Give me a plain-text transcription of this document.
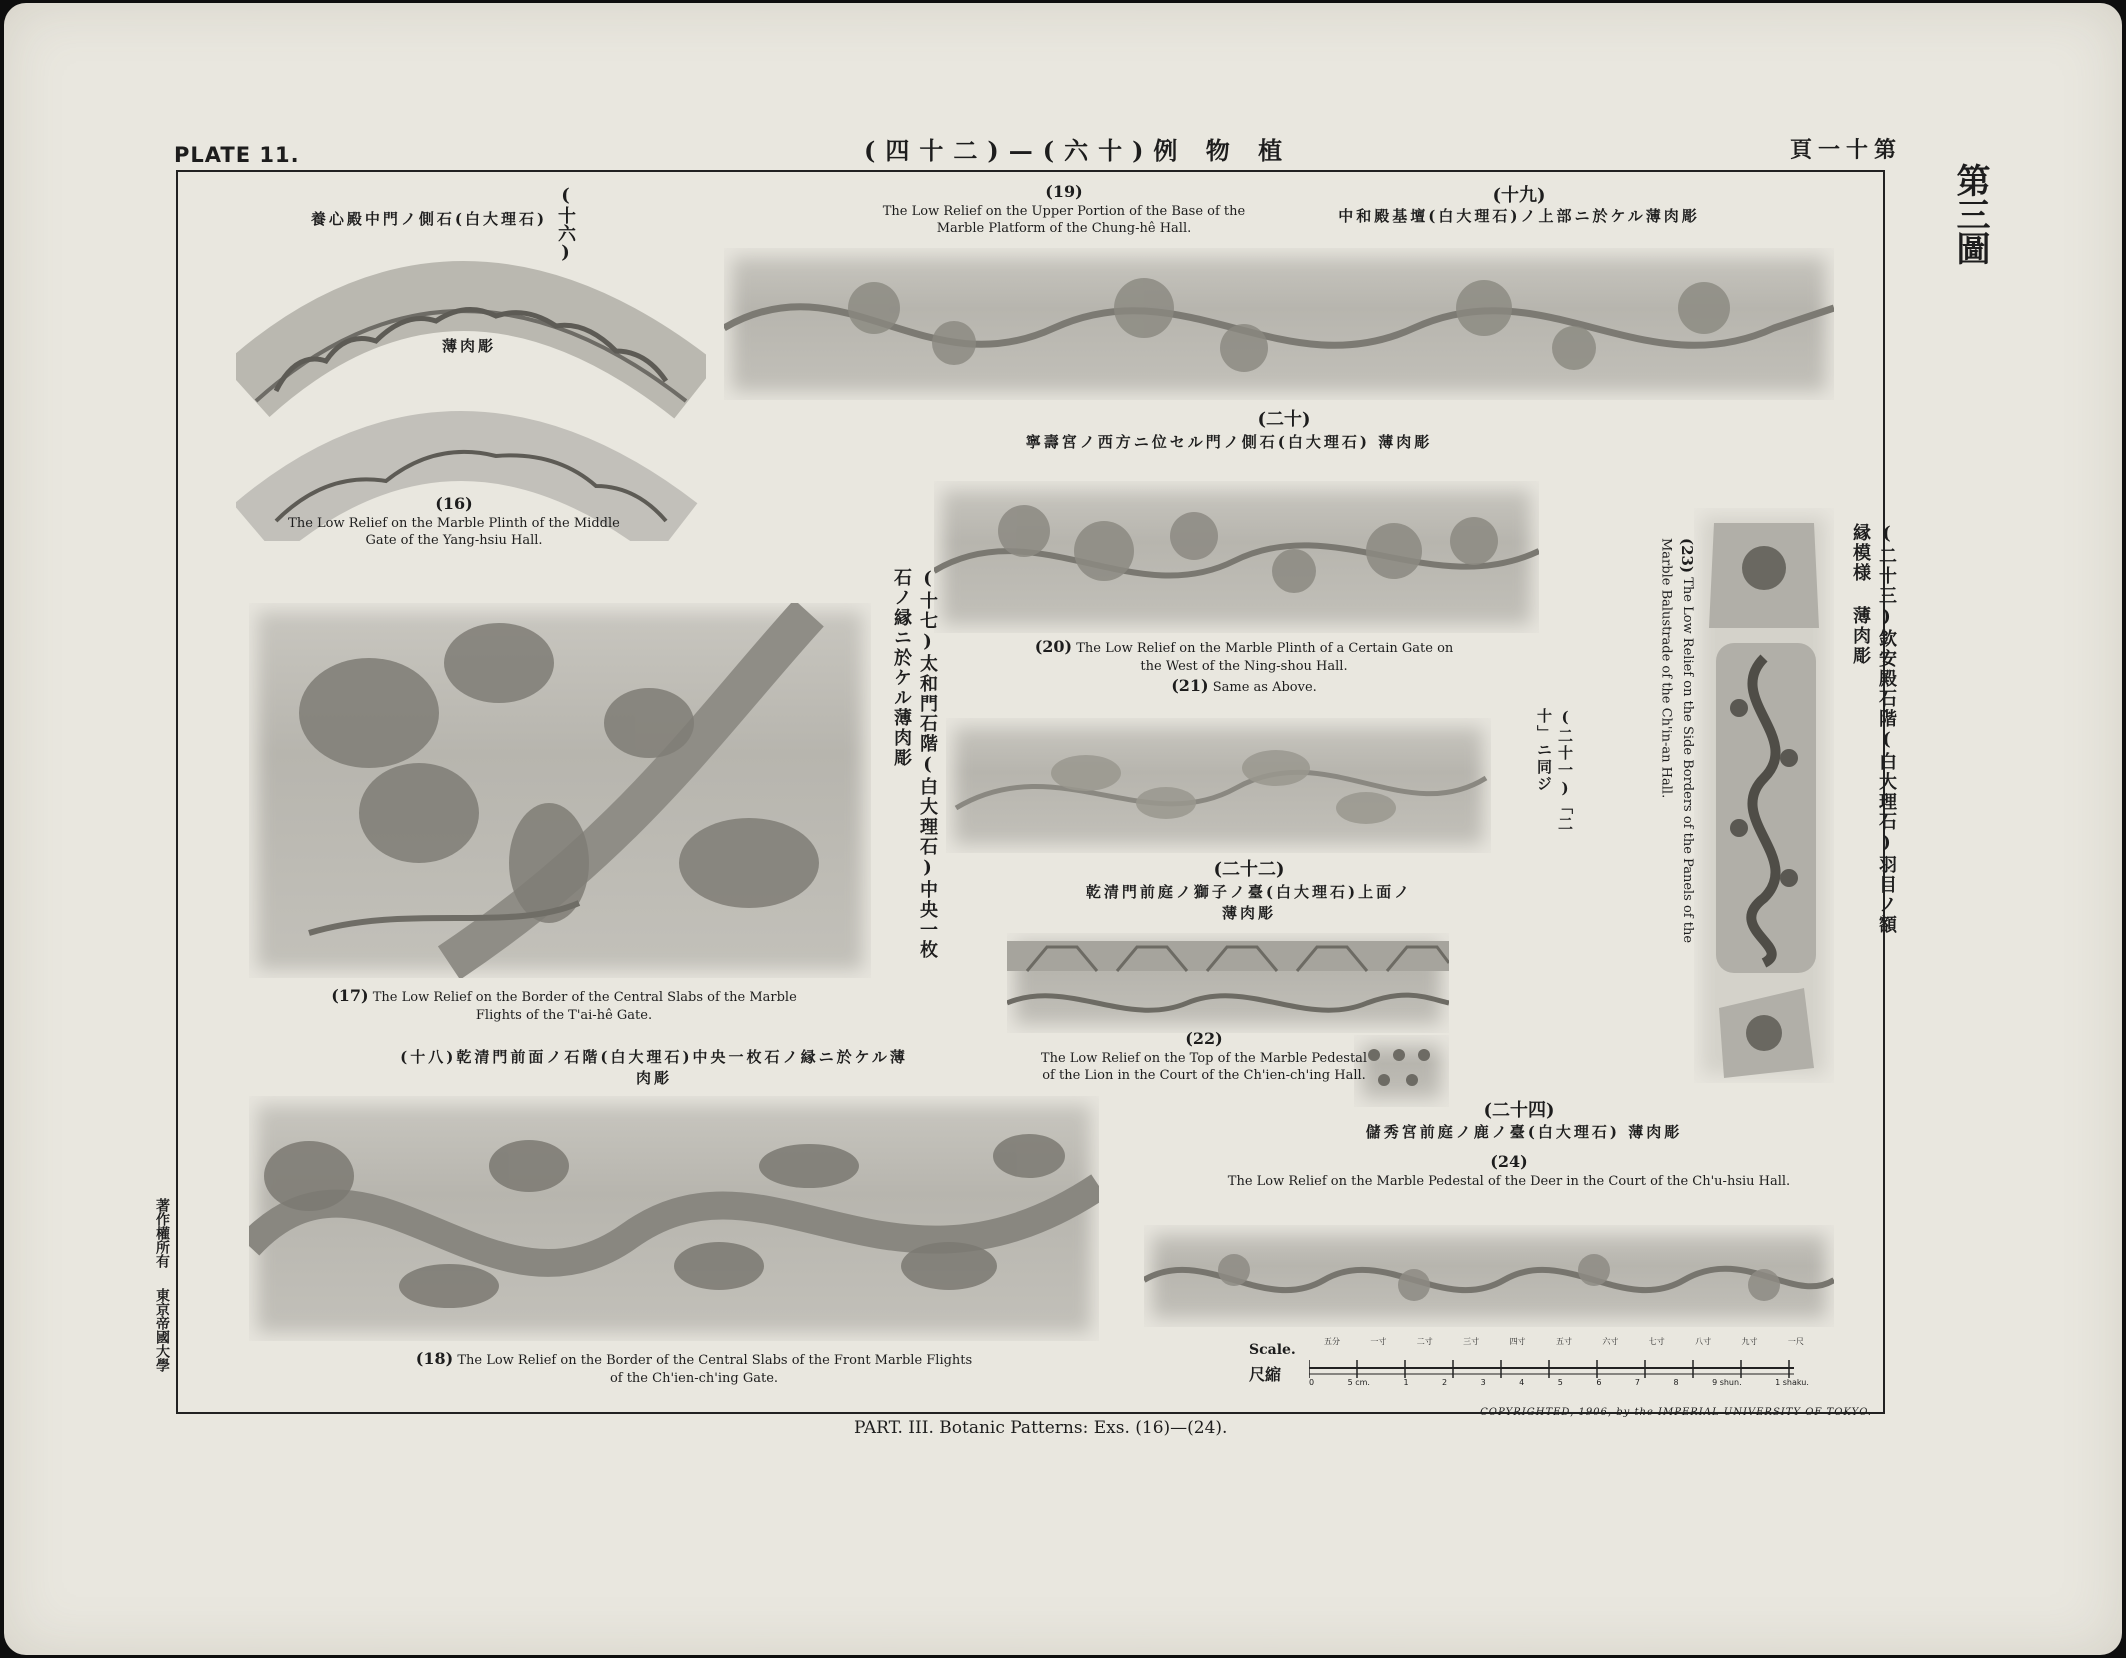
PLATE 11.	(四十二)—(六十)例 物 植	頁一十第
第三圖
(十六)
養心殿中門ノ側石(白大理石)
薄肉彫
(16)
The Low Relief on the Marble Plinth of the Middle Gate of the Yang-hsiu Hall.
(19)
The Low Relief on the Upper Portion of the Base of the Marble Platform of the Chung-hê Hall.
(十九)
中和殿基壇(白大理石)ノ上部ニ於ケル薄肉彫
(二十)
寧壽宮ノ西方ニ位セル門ノ側石(白大理石) 薄肉彫
(20) The Low Relief on the Marble Plinth of a Certain Gate on the West of the Ning-shou Hall.
(21) Same as Above.
(十七)太和門石階(白大理石)中央一枚石ノ縁ニ於ケル薄肉彫
(17) The Low Relief on the Border of the Central Slabs of the Marble Flights of the T'ai-hê Gate.
(二十一)「二十」ニ同ジ
(二十二)
乾清門前庭ノ獅子ノ臺(白大理石)上面ノ薄肉彫
(22)
The Low Relief on the Top of the Marble Pedestal of the Lion in the Court of the Ch'ien-ch'ing Hall.
(二十三)欽安殿石階(白大理石)羽目ノ額縁模様 薄肉彫
(23) The Low Relief on the Side Borders of the Panels of the Marble Balustrade of the Ch'in-an Hall.
(十八)乾清門前面ノ石階(白大理石)中央一枚石ノ縁ニ於ケル薄肉彫
(18) The Low Relief on the Border of the Central Slabs of the Front Marble Flights of the Ch'ien-ch'ing Gate.
(二十四)
儲秀宮前庭ノ鹿ノ臺(白大理石) 薄肉彫
(24)
The Low Relief on the Marble Pedestal of the Deer in the Court of the Ch'u-hsiu Hall.
Scale.
尺縮	0	5 cm.	1	2	3	4	5	6	7	8	9 shun.	1 shaku.
五分	一寸	二寸	三寸	四寸	五寸	六寸	七寸	八寸	九寸	一尺
著作權所有
東京帝國大學
COPYRIGHTED, 1906, by the IMPERIAL UNIVERSITY OF TOKYO.
PART. III. Botanic Patterns: Exs. (16)—(24).
